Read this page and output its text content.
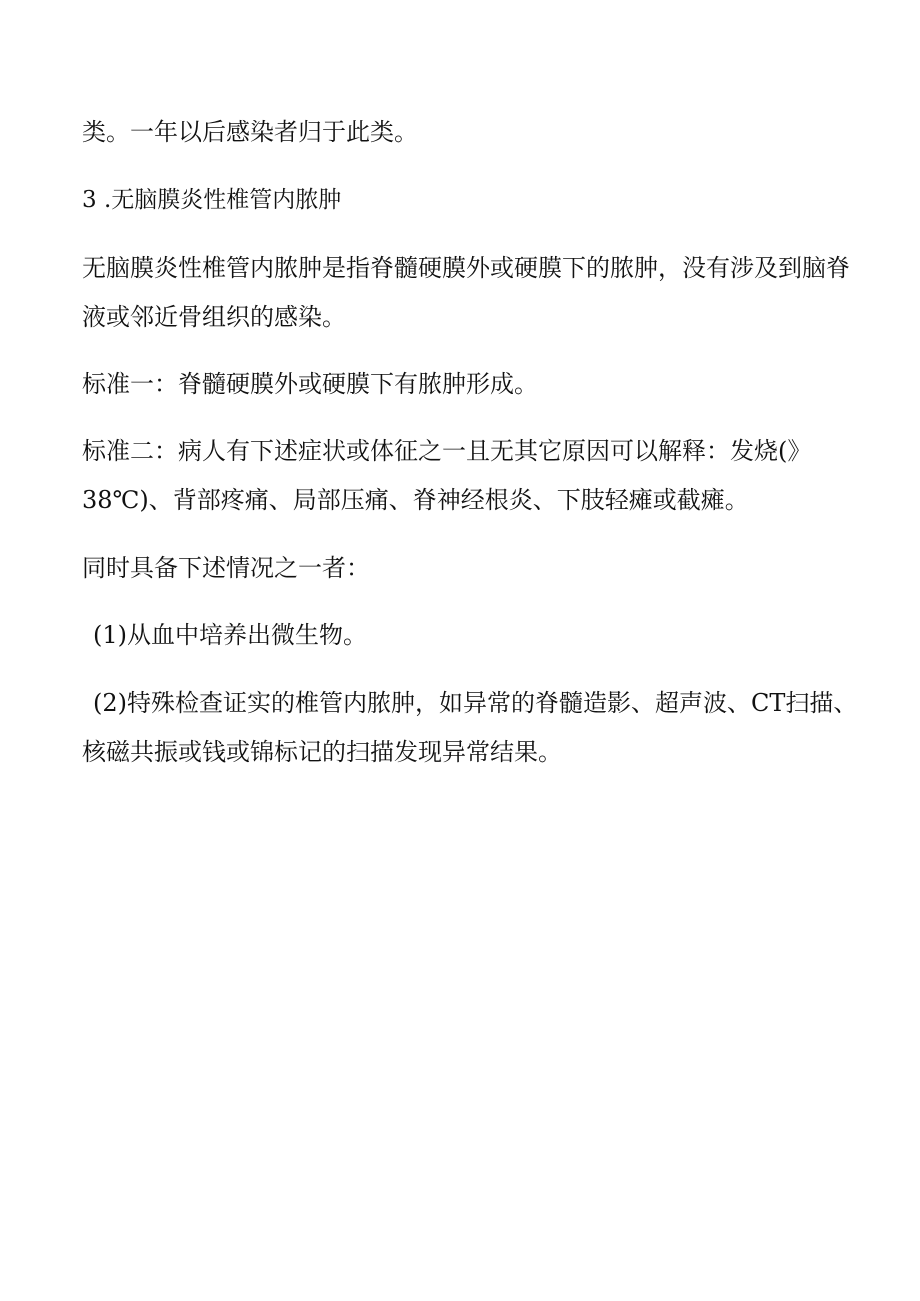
类。一年以后感染者归于此类。
3 .无脑膜炎性椎管内脓肿
无脑膜炎性椎管内脓肿是指脊髓硬膜外或硬膜下的脓肿，没有涉及到脑脊
液或邻近骨组织的感染。
标准一：脊髓硬膜外或硬膜下有脓肿形成。
标准二：病人有下述症状或体征之一且无其它原因可以解释：发烧(》
38℃)、背部疼痛、局部压痛、脊神经根炎、下肢轻瘫或截瘫。
同时具备下述情况之一者：
(1)从血中培养出微生物。
(2)特殊检查证实的椎管内脓肿，如异常的脊髓造影、超声波、CT扫描、
核磁共振或钱或锦标记的扫描发现异常结果。
